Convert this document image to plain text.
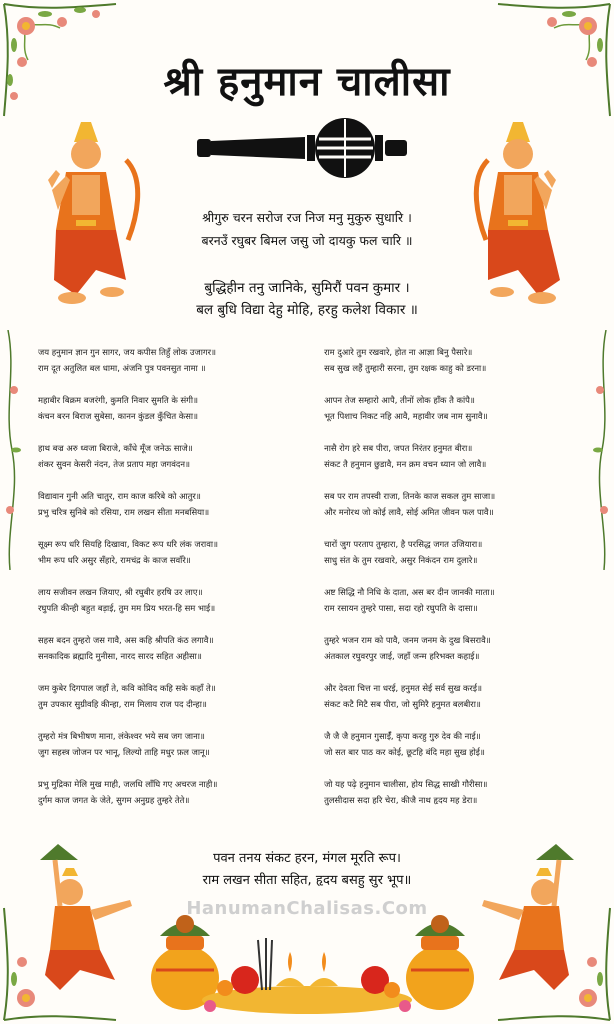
श्री हनुमान चालीसा
श्रीगुरु चरन सरोज रज निज मनु मुकुरु सुधारि ।
बरनउँ रघुबर बिमल जसु जो दायकु फल चारि ॥
बुद्धिहीन तनु जानिके, सुमिरौं पवन कुमार ।
बल बुधि विद्या देहु मोहि, हरहु कलेश विकार ॥
जय हनुमान ज्ञान गुन सागर, जय कपीस तिहुँ लोक उजागर॥
राम दूत अतुलित बल धामा, अंजनि पुत्र पवनसुत नामा ॥
महाबीर बिक्रम बजरंगी, कुमति निवार सुमति के संगी॥
कंचन बरन बिराज सुबेसा, कानन कुंडल कुँचित केसा॥
हाथ बज्र अरु ध्वजा बिराजे, काँधे मूँज जनेऊ साजे॥
शंकर सुवन केसरी नंदन, तेज प्रताप महा जगवंदन॥
विद्यावान गुनी अति चातुर, राम काज करिबे को आतुर॥
प्रभु चरित्र सुनिबे को रसिया, राम लखन सीता मनबसिया॥
सूक्ष्म रूप धरि सियहि दिखावा, विकट रूप धरि लंक जरावा॥
भीम रूप धरि असुर सँहारे, रामचंद्र के काज सवाँरे॥
लाय सजीवन लखन जियाए, श्री रघुबीर हरषि उर लाए॥
रघुपति कीन्ही बहुत बड़ाई, तुम मम प्रिय भरत-हि सम भाई॥
सहस बदन तुम्हरो जस गावै, अस कहि श्रीपति कंठ लगावै॥
सनकादिक ब्रह्मादि मुनीसा, नारद सारद सहित अहीसा॥
जम कुबेर दिगपाल जहाँ ते, कवि कोविद कहि सके कहाँ ते॥
तुम उपकार सुग्रीवहि कीन्हा, राम मिलाय राज पद दीन्हा॥
तुम्हरो मंत्र बिभीषण माना, लंकेश्वर भये सब जग जाना॥
जुग सहस्त्र जोजन पर भानू, लिल्यो ताहि मधुर फ़ल जानू॥
प्रभु मुद्रिका मेलि मुख माही, जलधि लाँघि गए अचरज नाही॥
दुर्गम काज जगत के जेते, सुगम अनुग्रह तुम्हरे तेते॥
राम दुआरे तुम रखवारे, होत ना आज्ञा बिनु पैसारे॥
सब सुख लहैं तुम्हारी सरना, तुम रक्षक काहु को डरना॥
आपन तेज सम्हारो आपै, तीनों लोक हाँक तै कांपै॥
भूत पिशाच निकट नहि आवै, महावीर जब नाम सुनावै॥
नासै रोग हरे सब पीरा, जपत निरंतर हनुमत बीरा॥
संकट तै हनुमान छुडावै, मन क्रम वचन ध्यान जो लावै॥
सब पर राम तपस्वी राजा, तिनके काज सकल तुम साजा॥
और मनोरथ जो कोई लावै, सोई अमित जीवन फल पावै॥
चारों जुग परताप तुम्हारा, है परसिद्ध जगत उजियारा॥
साधु संत के तुम रखवारे, असुर निकंदन राम दुलारे॥
अष्ट सिद्धि नौ निधि के दाता, अस बर दीन जानकी माता॥
राम रसायन तुम्हरे पासा, सदा रहो रघुपति के दासा॥
तुम्हरे भजन राम को पावै, जनम जनम के दुख बिसरावै॥
अंतकाल रघुवरपुर जाई, जहाँ जन्म हरिभक्त कहाई॥
और देवता चित्त ना धरई, हनुमत सेई सर्व सुख करई॥
संकट कटै मिटै सब पीरा, जो सुमिरै हनुमत बलबीरा॥
जै जै जै हनुमान गुसाईँ, कृपा करहु गुरु देव की नाई॥
जो सत बार पाठ कर कोई, छूटहि बंदि महा सुख होई॥
जो यह पढ़े हनुमान चालीसा, होय सिद्ध साखी गौरीसा॥
तुलसीदास सदा हरि चेरा, कीजै नाथ हृदय मह डेरा॥
पवन तनय संकट हरन, मंगल मूरति रूप।
राम लखन सीता सहित, हृदय बसहु सुर भूप॥
HanumanChalisas.Com
